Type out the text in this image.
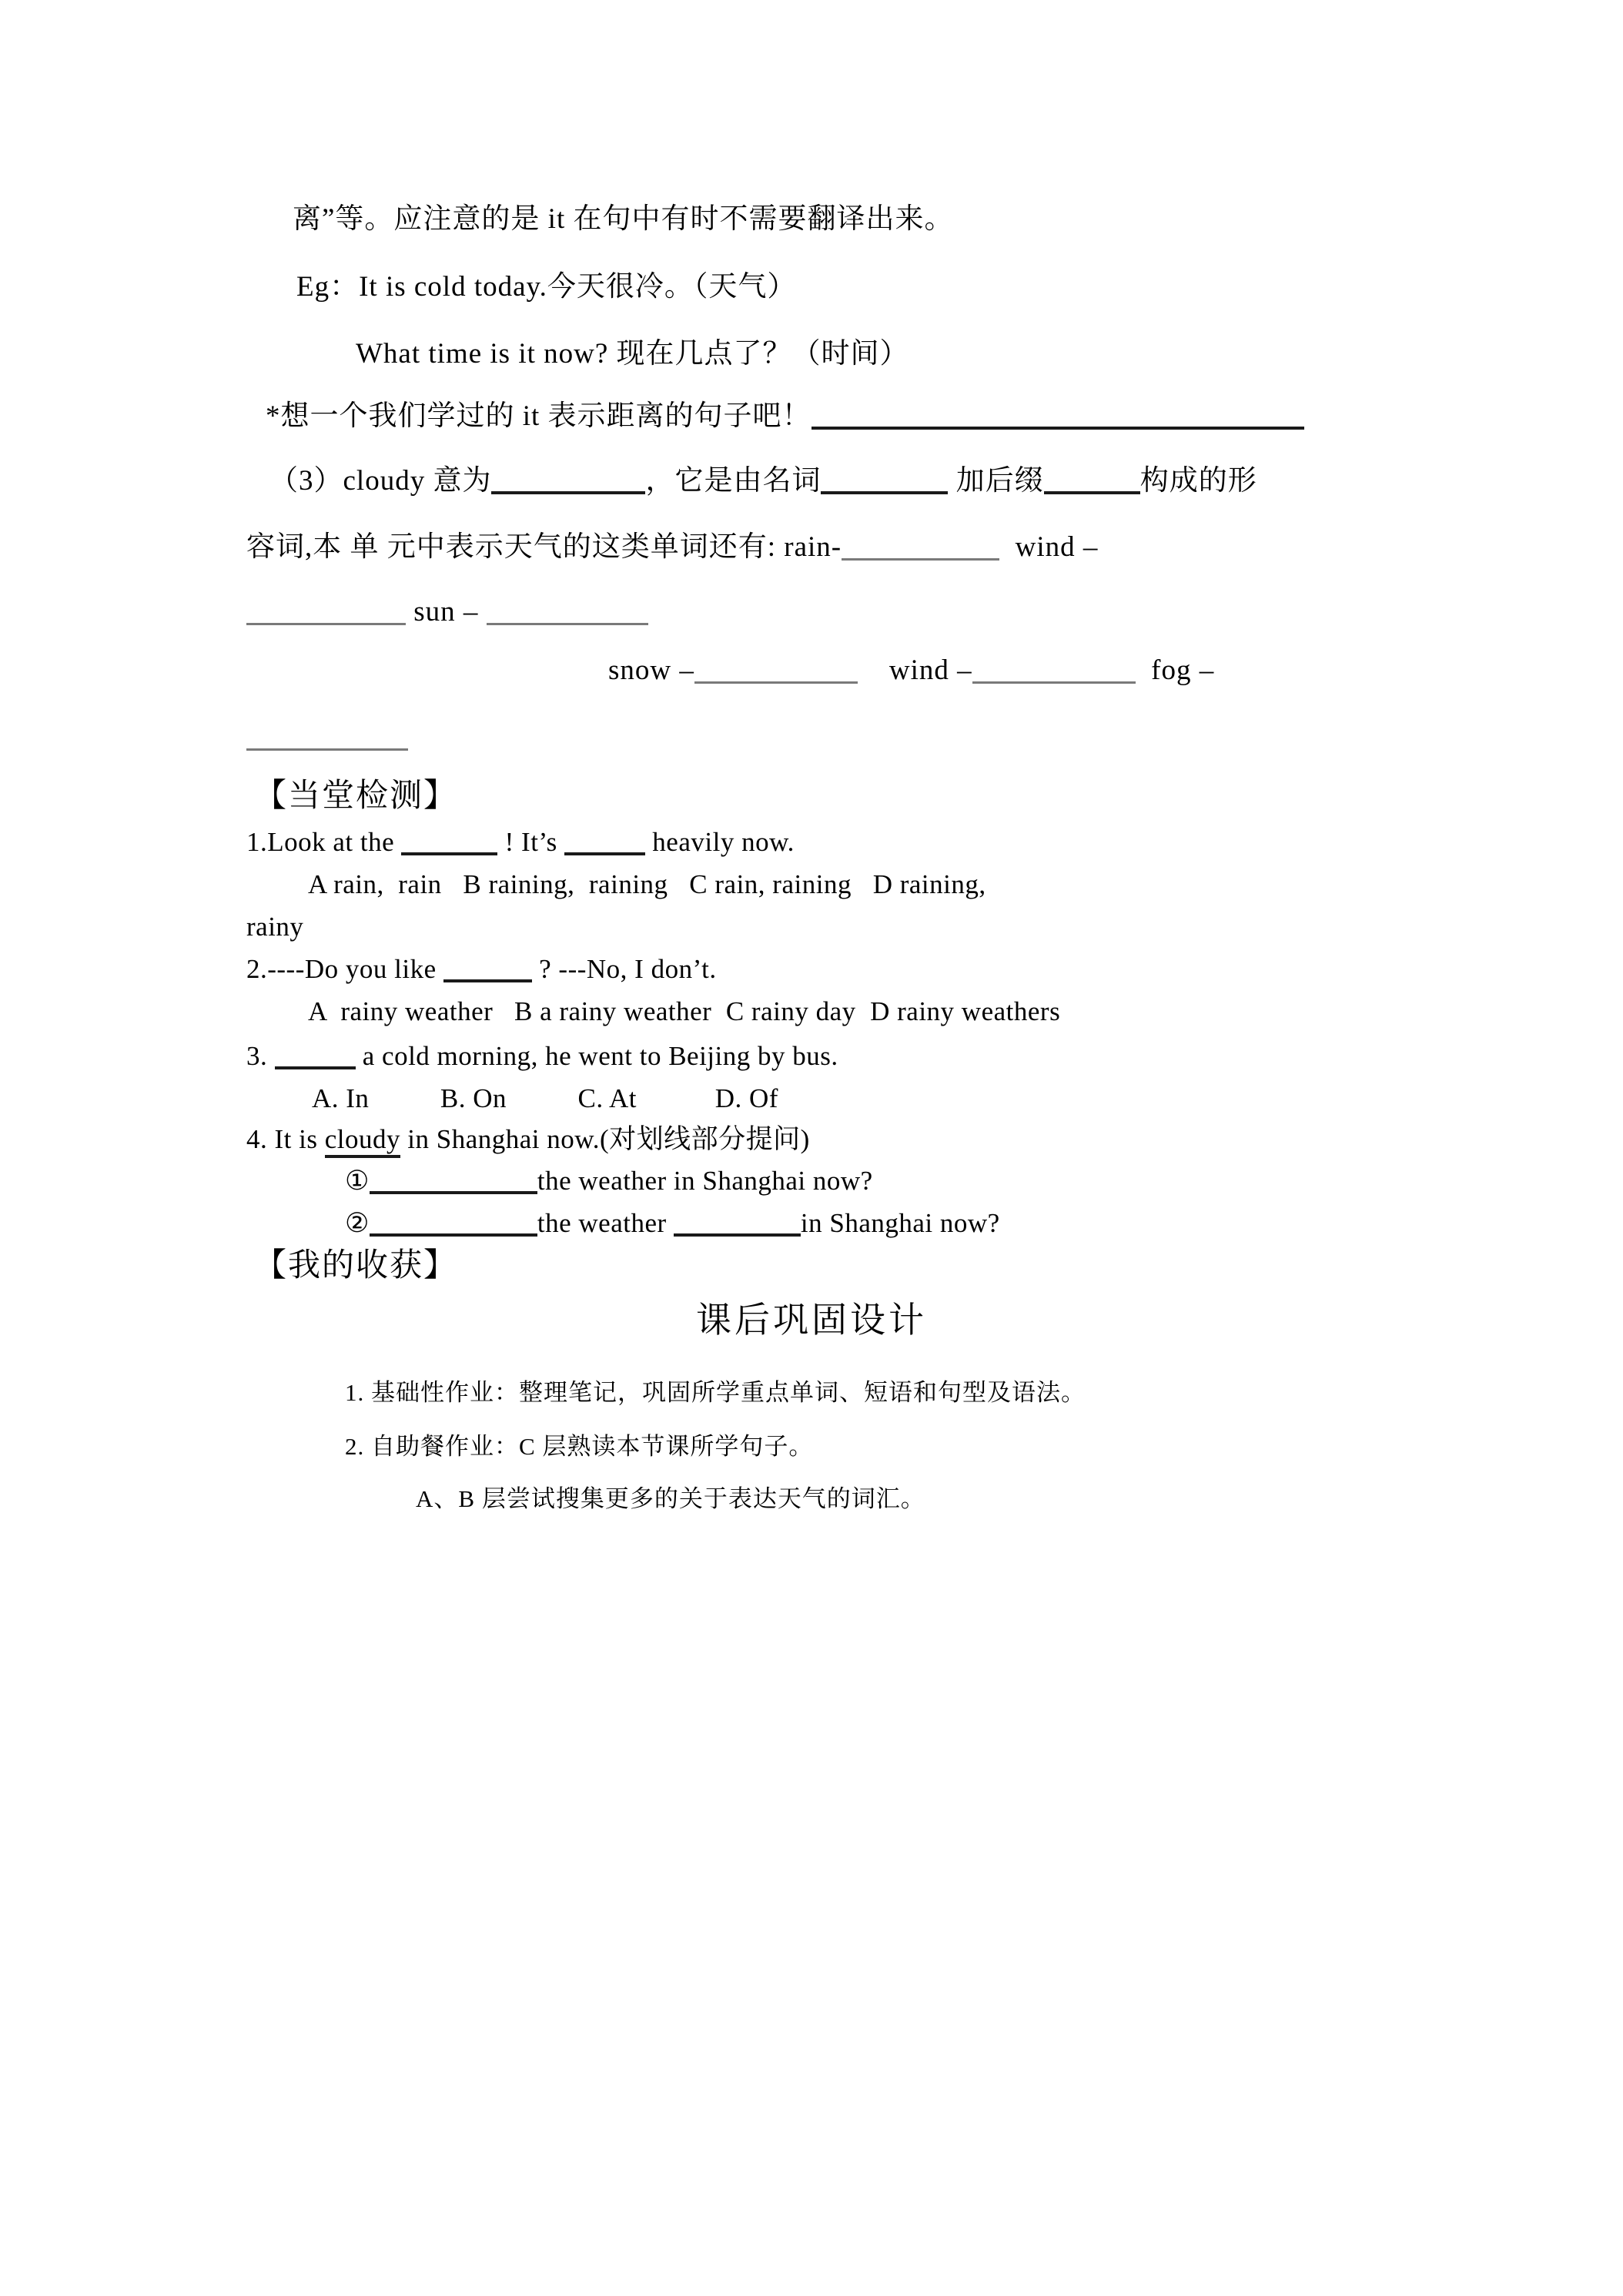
离”等。应注意的是 it 在句中有时不需要翻译出来。
Eg：It is cold today.今天很冷。（天气）
What time is it now? 现在几点了？（时间）
*想一个我们学过的 it 表示距离的句子吧！
（3）cloudy 意为	，它是由名词	加后缀	构成的形
容词,本 单 元中表示天气的这类单词还有: rain-	wind –
sun –
snow –	wind –	fog –
【当堂检测】
1.Look at the	! It’s	heavily now.
A rain,  rain   B raining,  raining   C rain, raining   D raining,
rainy
2.----Do you like	? ---No, I don’t.
A  rainy weather   B a rainy weather  C rainy day  D rainy weathers
3.	a cold morning, he went to Beijing by bus.
A. In          B. On          C. At           D. Of
4. It is cloudy in Shanghai now.(对划线部分提问)
①	the weather in Shanghai now?
②	the weather	in Shanghai now?
【我的收获】
课后巩固设计
1. 基础性作业：整理笔记，巩固所学重点单词、短语和句型及语法。
2. 自助餐作业：C 层熟读本节课所学句子。
A、B 层尝试搜集更多的关于表达天气的词汇。
